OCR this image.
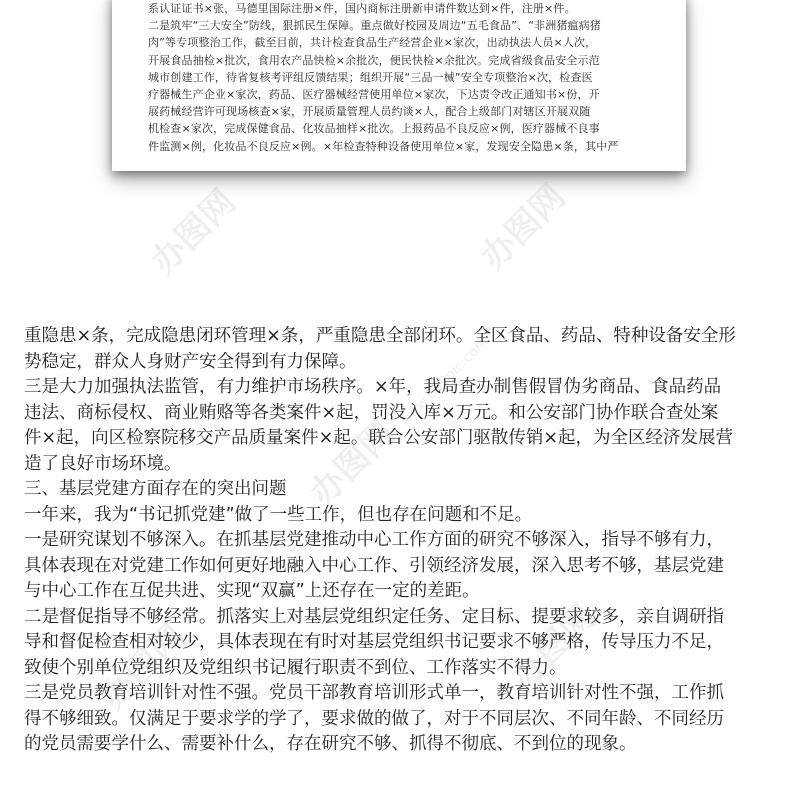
系认证证书×张，马德里国际注册×件，国内商标注册新申请件数达到×件，注册×件。
二是筑牢“三大安全”防线，狠抓民生保障。重点做好校园及周边“五毛食品”、“非洲猪瘟病猪
肉”等专项整治工作，截至目前，共计检查食品生产经营企业×家次，出动执法人员×人次，
开展食品抽检×批次，食用农产品快检×余批次，便民快检×余批次。完成省级食品安全示范
城市创建工作，待省复核考评组反馈结果；组织开展“三品一械”安全专项整治×次，检查医
疗器械生产企业×家次，药品、医疗器械经营使用单位×家次，下达责令改正通知书×份，开
展药械经营许可现场核查×家，开展质量管理人员约谈×人，配合上级部门对辖区开展双随
机检查×家次，完成保健食品、化妆品抽样×批次。上报药品不良反应×例，医疗器械不良事
件监测×例，化妆品不良反应×例。×年检查特种设备使用单位×家，发现安全隐患×条，其中严
办图网	办图网
办图网 www.888pic.com
办图网
办图网
重隐患×条，完成隐患闭环管理×条，严重隐患全部闭环。全区食品、药品、特种设备安全形
势稳定，群众人身财产安全得到有力保障。
三是大力加强执法监管，有力维护市场秩序。×年，我局查办制售假冒伪劣商品、食品药品
违法、商标侵权、商业贿赂等各类案件×起，罚没入库×万元。和公安部门协作联合查处案
件×起，向区检察院移交产品质量案件×起。联合公安部门驱散传销×起，为全区经济发展营
造了良好市场环境。
三、基层党建方面存在的突出问题
一年来，我为“书记抓党建”做了一些工作，但也存在问题和不足。
一是研究谋划不够深入。在抓基层党建推动中心工作方面的研究不够深入，指导不够有力，
具体表现在对党建工作如何更好地融入中心工作、引领经济发展，深入思考不够，基层党建
与中心工作在互促共进、实现“双赢”上还存在一定的差距。
二是督促指导不够经常。抓落实上对基层党组织定任务、定目标、提要求较多，亲自调研指
导和督促检查相对较少，具体表现在有时对基层党组织书记要求不够严格，传导压力不足，
致使个别单位党组织及党组织书记履行职责不到位、工作落实不得力。
三是党员教育培训针对性不强。党员干部教育培训形式单一，教育培训针对性不强，工作抓
得不够细致。仅满足于要求学的学了，要求做的做了，对于不同层次、不同年龄、不同经历
的党员需要学什么、需要补什么，存在研究不够、抓得不彻底、不到位的现象。
